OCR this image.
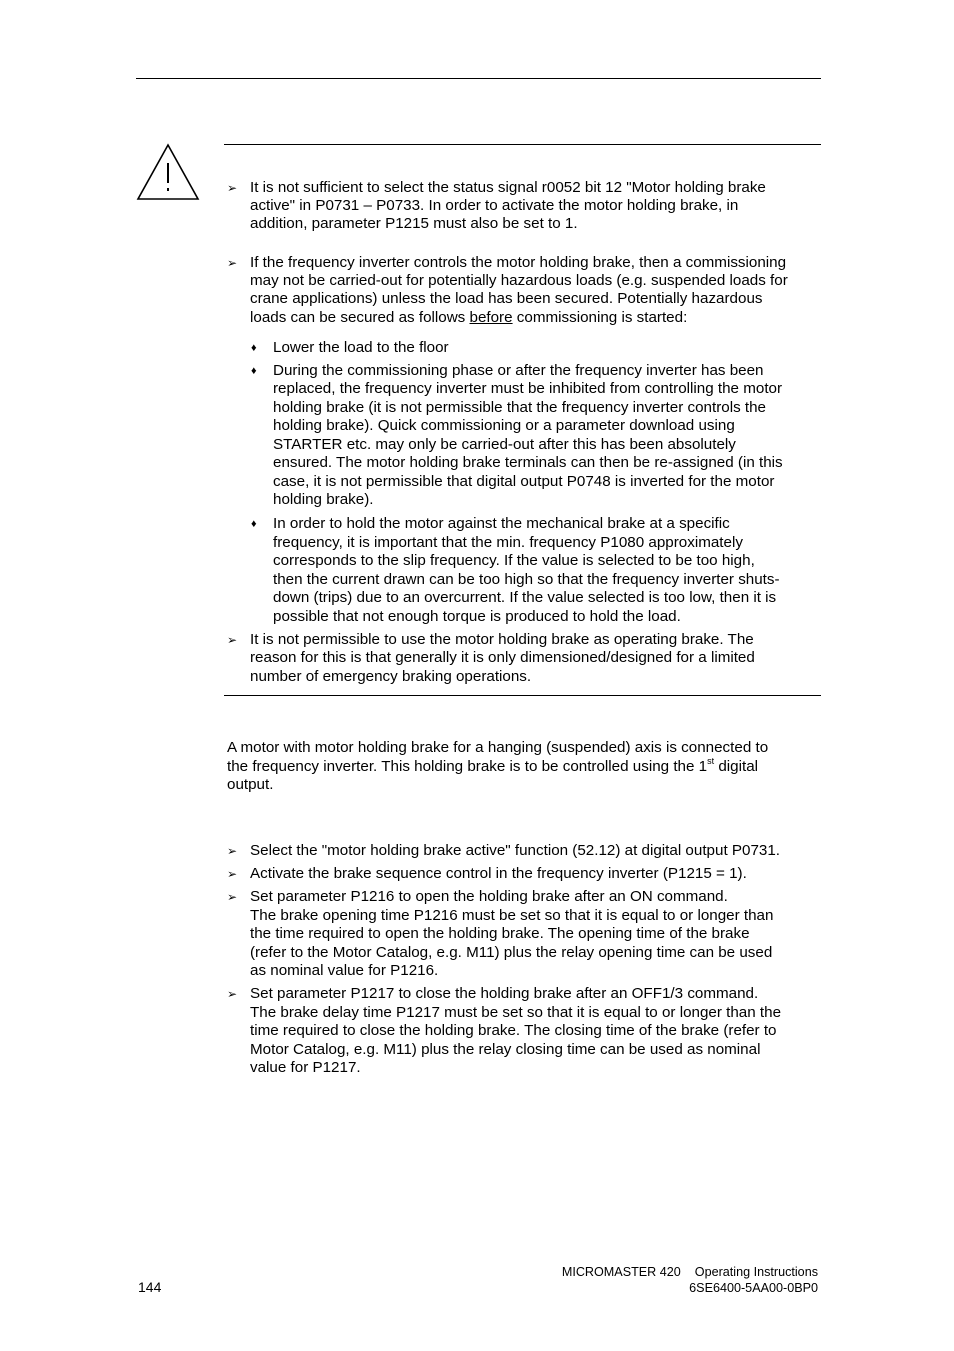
➢ It is not sufficient to select the status signal r0052 bit 12 "Motor holding brake
active" in P0731 – P0733. In order to activate the motor holding brake, in
addition, parameter P1215 must also be set to 1.
➢ If the frequency inverter controls the motor holding brake, then a commissioning
may not be carried-out for potentially hazardous loads (e.g. suspended loads for
crane applications) unless the load has been secured. Potentially hazardous
loads can be secured as follows before commissioning is started:
♦ Lower the load to the floor
♦ During the commissioning phase or after the frequency inverter has been
replaced, the frequency inverter must be inhibited from controlling the motor
holding brake (it is not permissible that the frequency inverter controls the
holding brake). Quick commissioning or a parameter download using
STARTER etc. may only be carried-out after this has been absolutely
ensured. The motor holding brake terminals can then be re-assigned (in this
case, it is not permissible that digital output P0748 is inverted for the motor
holding brake).
♦ In order to hold the motor against the mechanical brake at a specific
frequency, it is important that the min. frequency P1080 approximately
corresponds to the slip frequency. If the value is selected to be too high,
then the current drawn can be too high so that the frequency inverter shuts-
down (trips) due to an overcurrent. If the value selected is too low, then it is
possible that not enough torque is produced to hold the load.
➢ It is not permissible to use the motor holding brake as operating brake. The
reason for this is that generally it is only dimensioned/designed for a limited
number of emergency braking operations.
A motor with motor holding brake for a hanging (suspended) axis is connected to
the frequency inverter. This holding brake is to be controlled using the 1st digital
output.
➢ Select the "motor holding brake active" function (52.12) at digital output P0731.
➢ Activate the brake sequence control in the frequency inverter (P1215 = 1).
➢ Set parameter P1216 to open the holding brake after an ON command.
The brake opening time P1216 must be set so that it is equal to or longer than
the time required to open the holding brake. The opening time of the brake
(refer to the Motor Catalog, e.g. M11) plus the relay opening time can be used
as nominal value for P1216.
➢ Set parameter P1217 to close the holding brake after an OFF1/3 command.
The brake delay time P1217 must be set so that it is equal to or longer than the
time required to close the holding brake. The closing time of the brake (refer to
Motor Catalog, e.g. M11) plus the relay closing time can be used as nominal
value for P1217.
144
MICROMASTER 420    Operating Instructions
6SE6400-5AA00-0BP0
